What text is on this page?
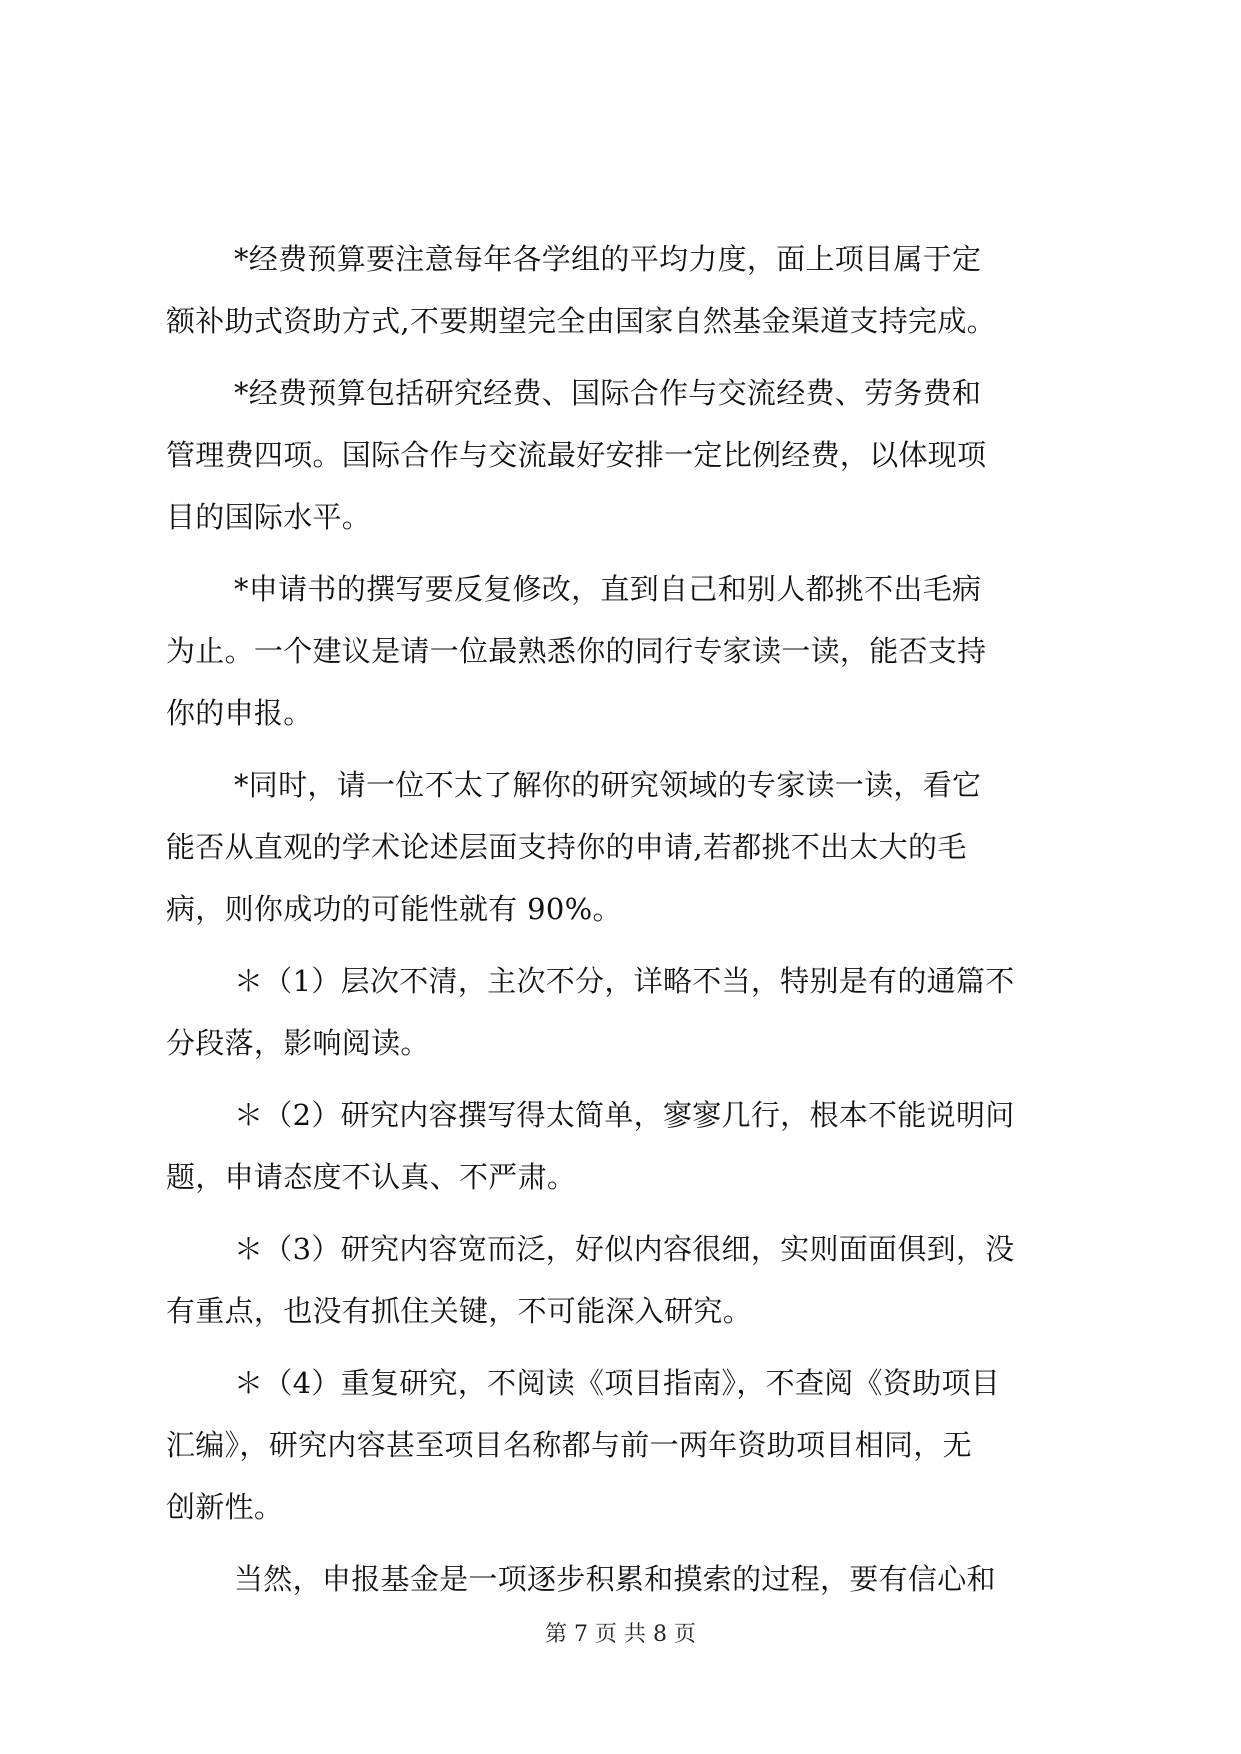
*经费预算要注意每年各学组的平均力度，面上项目属于定
额补助式资助方式,不要期望完全由国家自然基金渠道支持完成。

*经费预算包括研究经费、国际合作与交流经费、劳务费和
管理费四项。国际合作与交流最好安排一定比例经费，以体现项
目的国际水平。

*申请书的撰写要反复修改，直到自己和别人都挑不出毛病
为止。一个建议是请一位最熟悉你的同行专家读一读，能否支持
你的申报。

*同时，请一位不太了解你的研究领域的专家读一读，看它
能否从直观的学术论述层面支持你的申请,若都挑不出太大的毛
病，则你成功的可能性就有 90%。

＊（1）层次不清，主次不分，详略不当，特别是有的通篇不
分段落，影响阅读。

＊（2）研究内容撰写得太简单，寥寥几行，根本不能说明问
题，申请态度不认真、不严肃。

＊（3）研究内容宽而泛，好似内容很细，实则面面俱到，没
有重点，也没有抓住关键，不可能深入研究。

＊（4）重复研究，不阅读《项目指南》，不查阅《资助项目
汇编》，研究内容甚至项目名称都与前一两年资助项目相同，无
创新性。

当然，申报基金是一项逐步积累和摸索的过程，要有信心和

第 7 页 共 8 页
